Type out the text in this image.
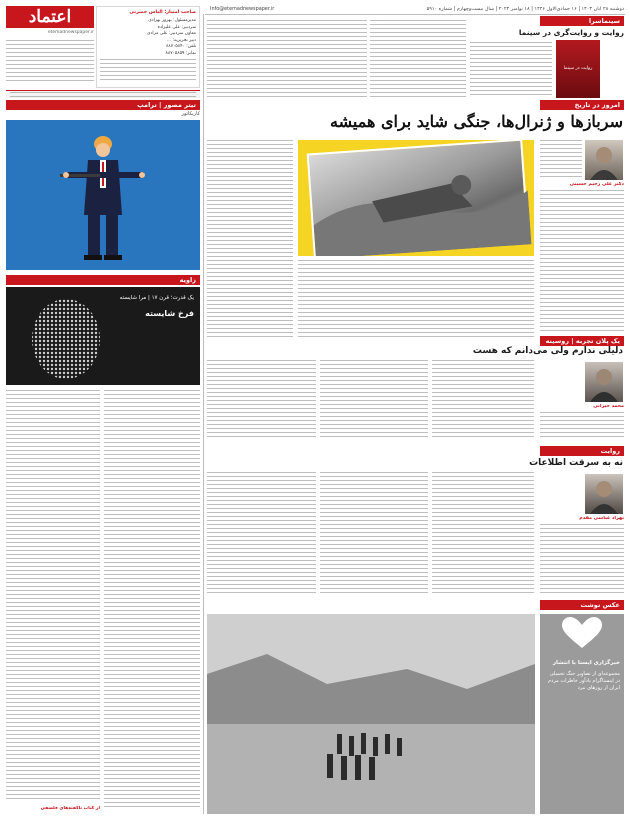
اعتماد
etemadnewspaper.ir
صاحب امتیاز: الیاس حضرتی
مدیرمسئول: بهروز بهزادی
سردبیر: علی علیزاده
معاون سردبیر: علی مرادی
دبیر تحریریه: ...
تلفن: ۸۸۷۰۵۸۴۰
نمابر: ۸۸۷۰۵۸۵۹
دوشنبه ۲۸ آبان ۱۴۰۳ | ۱۶ جمادی‌الاول ۱۴۴۶ | ۱۸ نوامبر ۲۰۲۴ | سال بیست‌وچهارم | شماره ۵۹۱۰
Info@etemadnewspaper.ir
سینماسرا
روایت و روایت‌گری در سینما
روایت در سینما
تیتر مصور | ترامپ
کاریکاتور
زاویه
یک قدرت؛ قرن ۱۷ | مرا شایسته
فرخ شایسته
از کتاب ناگفته‌های فلسفی
امروز در تاریخ
سربازها و ژنرال‌ها، جنگی شاید برای همیشه
دکتر علی‌ رحیم حسینی
یک پلان تجربه | روسینه
دلیلی ندارم ولی می‌دانم که هست
محمد حیرانی
روایت
نه به سرقت اطلاعات
بهزاد عباسی مقدم
عکس نوشت
خبرگزاری ایسنا با انتشار
مجموعه‌ای از تصاویر جنگ تحمیلی در اینستاگرام یادآور خاطرات مردم ایران از روزهای نبرد
